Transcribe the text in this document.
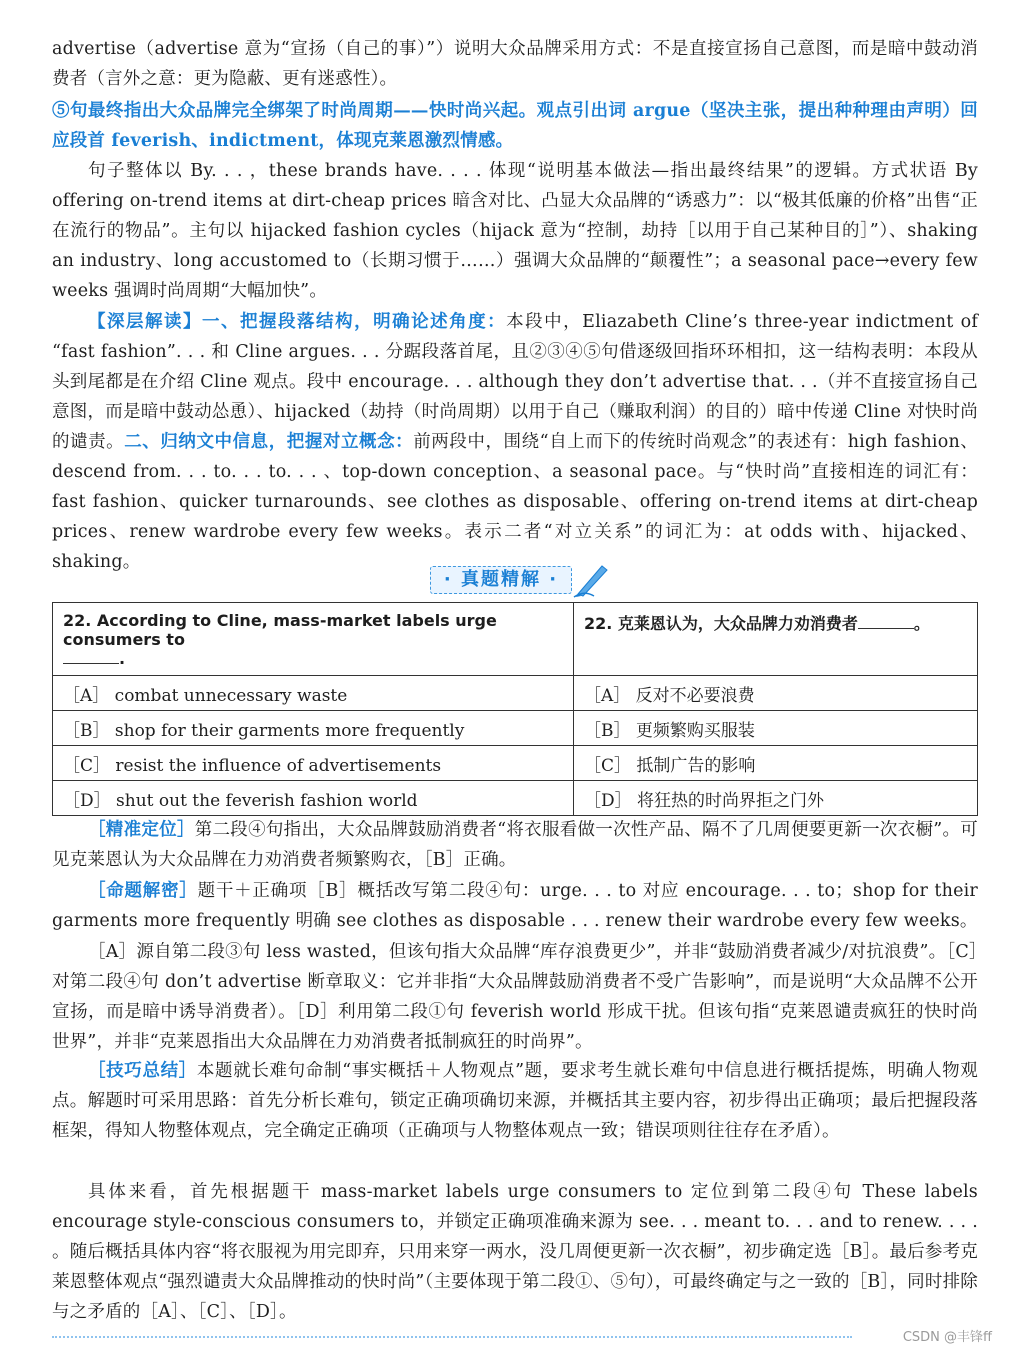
advertise（advertise 意为“宣扬（自己的事）”）说明大众品牌采用方式：不是直接宣扬自己意图，而是暗中鼓动消费者（言外之意：更为隐蔽、更有迷惑性）。

⑤句最终指出大众品牌完全绑架了时尚周期——快时尚兴起。观点引出词 argue（坚决主张，提出种种理由声明）回应段首 feverish、indictment，体现克莱恩激烈情感。

句子整体以 By. . . ，these brands have. . . . 体现“说明基本做法—指出最终结果”的逻辑。方式状语 By offering on-trend items at dirt-cheap prices 暗含对比、凸显大众品牌的“诱惑力”：以“极其低廉的价格”出售“正在流行的物品”。主句以 hijacked fashion cycles（hijack 意为“控制，劫持［以用于自己某种目的］”）、shaking an industry、long accustomed to（长期习惯于……）强调大众品牌的“颠覆性”；a seasonal pace→every few weeks 强调时尚周期“大幅加快”。

【深层解读】一、把握段落结构，明确论述角度：本段中，Eliazabeth Cline’s three-year indictment of “fast fashion”. . . 和 Cline argues. . . 分踞段落首尾，且②③④⑤句借逐级回指环环相扣，这一结构表明：本段从头到尾都是在介绍 Cline 观点。段中 encourage. . . although they don’t advertise that. . .（并不直接宣扬自己意图，而是暗中鼓动怂恿）、hijacked（劫持（时尚周期）以用于自己（赚取利润）的目的）暗中传递 Cline 对快时尚的谴责。二、归纳文中信息，把握对立概念：前两段中，围绕“自上而下的传统时尚观念”的表述有：high fashion、descend from. . . to. . . to. . . 、top-down conception、a seasonal pace。与“快时尚”直接相连的词汇有：fast fashion、quicker turnarounds、see clothes as disposable、offering on-trend items at dirt-cheap prices、renew wardrobe every few weeks。表示二者“对立关系”的词汇为：at odds with、hijacked、shaking。

· 真题精解 ·
22. According to Cline, mass-market labels urge consumers to
.	22. 克莱恩认为，大众品牌力劝消费者 。
［A］ combat unnecessary waste	［A］ 反对不必要浪费
［B］ shop for their garments more frequently	［B］ 更频繁购买服装
［C］ resist the influence of advertisements	［C］ 抵制广告的影响
［D］ shut out the feverish fashion world	［D］ 将狂热的时尚界拒之门外

［精准定位］第二段④句指出，大众品牌鼓励消费者“将衣服看做一次性产品、隔不了几周便要更新一次衣橱”。可见克莱恩认为大众品牌在力劝消费者频繁购衣，［B］正确。

［命题解密］题干＋正确项［B］概括改写第二段④句：urge. . . to 对应 encourage. . . to；shop for their garments more frequently 明确 see clothes as disposable . . . renew their wardrobe every few weeks。

［A］源自第二段③句 less wasted，但该句指大众品牌“库存浪费更少”，并非“鼓励消费者减少/对抗浪费”。［C］对第二段④句 don’t advertise 断章取义：它并非指“大众品牌鼓励消费者不受广告影响”，而是说明“大众品牌不公开宣扬，而是暗中诱导消费者）。［D］利用第二段①句 feverish world 形成干扰。但该句指“克莱恩谴责疯狂的快时尚世界”，并非“克莱恩指出大众品牌在力劝消费者抵制疯狂的时尚界”。

［技巧总结］本题就长难句命制“事实概括＋人物观点”题，要求考生就长难句中信息进行概括提炼，明确人物观点。解题时可采用思路：首先分析长难句，锁定正确项确切来源，并概括其主要内容，初步得出正确项；最后把握段落框架，得知人物整体观点，完全确定正确项（正确项与人物整体观点一致；错误项则往往存在矛盾）。

具体来看，首先根据题干 mass-market labels urge consumers to 定位到第二段④句 These labels encourage style-conscious consumers to，并锁定正确项准确来源为 see. . . meant to. . . and to renew. . . . 。随后概括具体内容“将衣服视为用完即弃，只用来穿一两水，没几周便更新一次衣橱”，初步确定选［B］。最后参考克莱恩整体观点“强烈谴责大众品牌推动的快时尚”（主要体现于第二段①、⑤句），可最终确定与之一致的［B］，同时排除与之矛盾的［A］、［C］、［D］。

CSDN @丰锋ff
